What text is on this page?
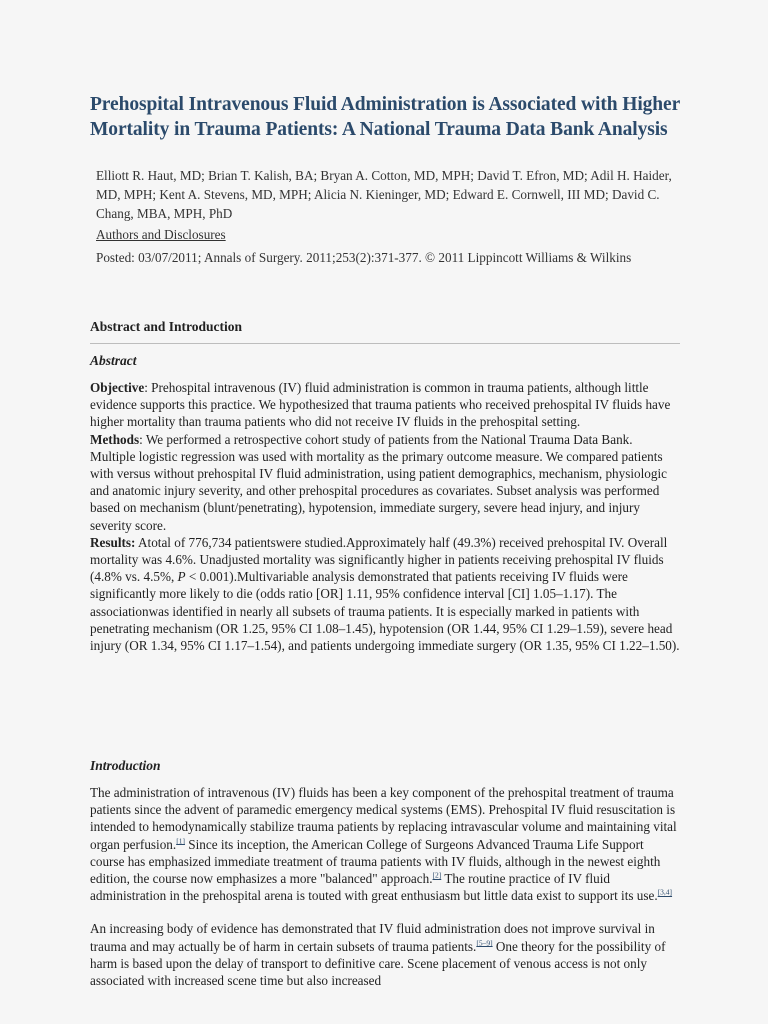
Prehospital Intravenous Fluid Administration is Associated with Higher Mortality in Trauma Patients: A National Trauma Data Bank Analysis
Elliott R. Haut, MD; Brian T. Kalish, BA; Bryan A. Cotton, MD, MPH; David T. Efron, MD; Adil H. Haider, MD, MPH; Kent A. Stevens, MD, MPH; Alicia N. Kieninger, MD; Edward E. Cornwell, III MD; David C. Chang, MBA, MPH, PhD
Authors and Disclosures
Posted: 03/07/2011; Annals of Surgery. 2011;253(2):371-377. © 2011 Lippincott Williams & Wilkins
Abstract and Introduction
Abstract

Objective: Prehospital intravenous (IV) fluid administration is common in trauma patients, although little evidence supports this practice. We hypothesized that trauma patients who received prehospital IV fluids have higher mortality than trauma patients who did not receive IV fluids in the prehospital setting.

Methods: We performed a retrospective cohort study of patients from the National Trauma Data Bank. Multiple logistic regression was used with mortality as the primary outcome measure. We compared patients with versus without prehospital IV fluid administration, using patient demographics, mechanism, physiologic and anatomic injury severity, and other prehospital procedures as covariates. Subset analysis was performed based on mechanism (blunt/penetrating), hypotension, immediate surgery, severe head injury, and injury severity score.

Results: Atotal of 776,734 patientswere studied.Approximately half (49.3%) received prehospital IV. Overall mortality was 4.6%. Unadjusted mortality was significantly higher in patients receiving prehospital IV fluids (4.8% vs. 4.5%, P < 0.001).Multivariable analysis demonstrated that patients receiving IV fluids were significantly more likely to die (odds ratio [OR] 1.11, 95% confidence interval [CI] 1.05–1.17). The associationwas identified in nearly all subsets of trauma patients. It is especially marked in patients with penetrating mechanism (OR 1.25, 95% CI 1.08–1.45), hypotension (OR 1.44, 95% CI 1.29–1.59), severe head injury (OR 1.34, 95% CI 1.17–1.54), and patients undergoing immediate surgery (OR 1.35, 95% CI 1.22–1.50).

Introduction

The administration of intravenous (IV) fluids has been a key component of the prehospital treatment of trauma patients since the advent of paramedic emergency medical systems (EMS). Prehospital IV fluid resuscitation is intended to hemodynamically stabilize trauma patients by replacing intravascular volume and maintaining vital organ perfusion.[1] Since its inception, the American College of Surgeons Advanced Trauma Life Support course has emphasized immediate treatment of trauma patients with IV fluids, although in the newest eighth edition, the course now emphasizes a more "balanced" approach.[2] The routine practice of IV fluid administration in the prehospital arena is touted with great enthusiasm but little data exist to support its use.[3,4]

An increasing body of evidence has demonstrated that IV fluid administration does not improve survival in trauma and may actually be of harm in certain subsets of trauma patients.[5–9] One theory for the possibility of harm is based upon the delay of transport to definitive care. Scene placement of venous access is not only associated with increased scene time but also increased
